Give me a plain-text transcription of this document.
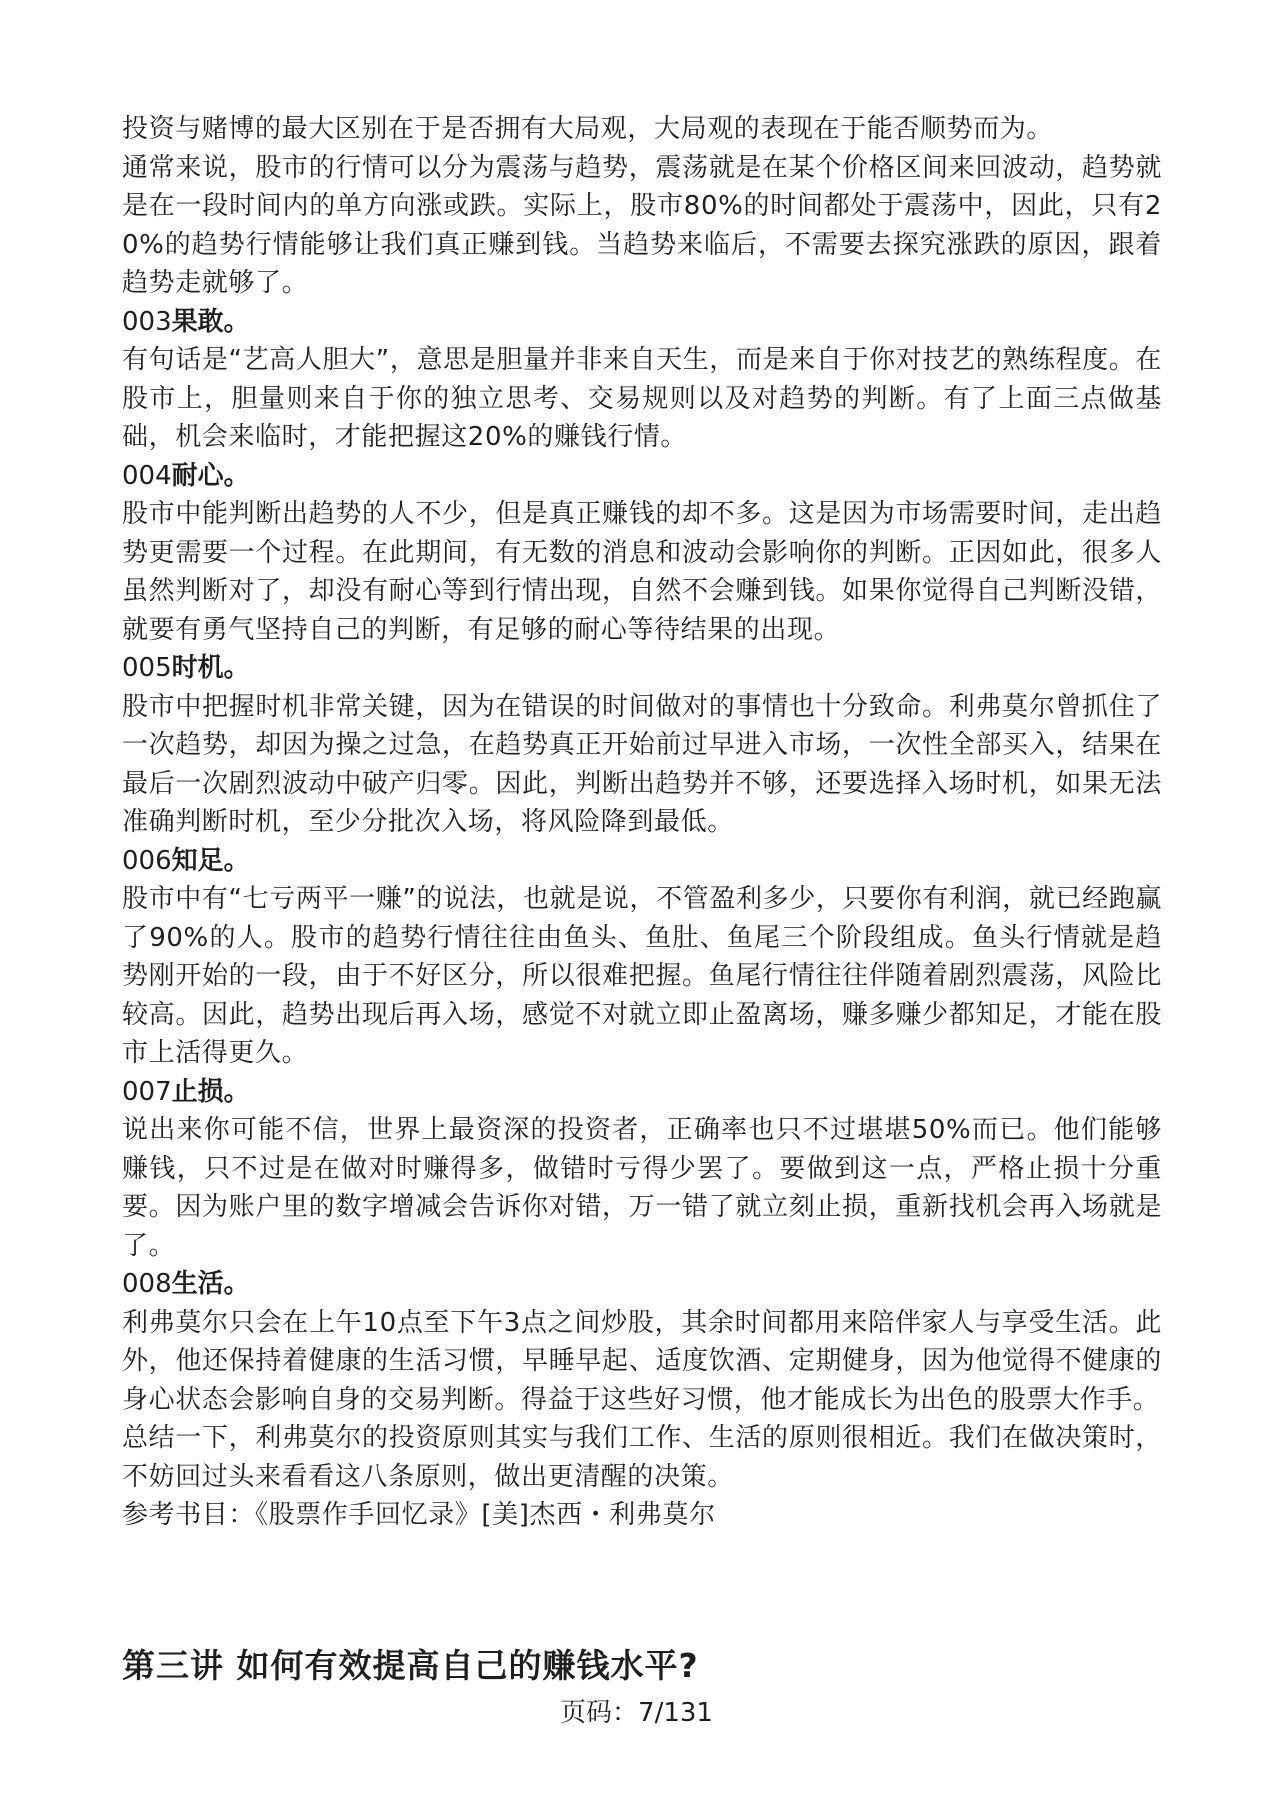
投资与赌博的最大区别在于是否拥有大局观，大局观的表现在于能否顺势而为。

通常来说，股市的行情可以分为震荡与趋势，震荡就是在某个价格区间来回波动，趋势就是在一段时间内的单方向涨或跌。实际上，股市80%的时间都处于震荡中，因此，只有20%的趋势行情能够让我们真正赚到钱。当趋势来临后，不需要去探究涨跌的原因，跟着趋势走就够了。

003果敢。

有句话是“艺高人胆大”，意思是胆量并非来自天生，而是来自于你对技艺的熟练程度。在股市上，胆量则来自于你的独立思考、交易规则以及对趋势的判断。有了上面三点做基础，机会来临时，才能把握这20%的赚钱行情。

004耐心。

股市中能判断出趋势的人不少，但是真正赚钱的却不多。这是因为市场需要时间，走出趋势更需要一个过程。在此期间，有无数的消息和波动会影响你的判断。正因如此，很多人虽然判断对了，却没有耐心等到行情出现，自然不会赚到钱。如果你觉得自己判断没错，就要有勇气坚持自己的判断，有足够的耐心等待结果的出现。

005时机。

股市中把握时机非常关键，因为在错误的时间做对的事情也十分致命。利弗莫尔曾抓住了一次趋势，却因为操之过急，在趋势真正开始前过早进入市场，一次性全部买入，结果在最后一次剧烈波动中破产归零。因此，判断出趋势并不够，还要选择入场时机，如果无法准确判断时机，至少分批次入场，将风险降到最低。

006知足。

股市中有“七亏两平一赚”的说法，也就是说，不管盈利多少，只要你有利润，就已经跑赢了90%的人。股市的趋势行情往往由鱼头、鱼肚、鱼尾三个阶段组成。鱼头行情就是趋势刚开始的一段，由于不好区分，所以很难把握。鱼尾行情往往伴随着剧烈震荡，风险比较高。因此，趋势出现后再入场，感觉不对就立即止盈离场，赚多赚少都知足，才能在股市上活得更久。

007止损。

说出来你可能不信，世界上最资深的投资者，正确率也只不过堪堪50%而已。他们能够赚钱，只不过是在做对时赚得多，做错时亏得少罢了。要做到这一点，严格止损十分重要。因为账户里的数字增减会告诉你对错，万一错了就立刻止损，重新找机会再入场就是了。

008生活。

利弗莫尔只会在上午10点至下午3点之间炒股，其余时间都用来陪伴家人与享受生活。此外，他还保持着健康的生活习惯，早睡早起、适度饮酒、定期健身，因为他觉得不健康的身心状态会影响自身的交易判断。得益于这些好习惯，他才能成长为出色的股票大作手。

总结一下，利弗莫尔的投资原则其实与我们工作、生活的原则很相近。我们在做决策时，不妨回过头来看看这八条原则，做出更清醒的决策。

参考书目：《股票作手回忆录》[美]杰西・利弗莫尔

第三讲 如何有效提高自己的赚钱水平?

页码：7/131
